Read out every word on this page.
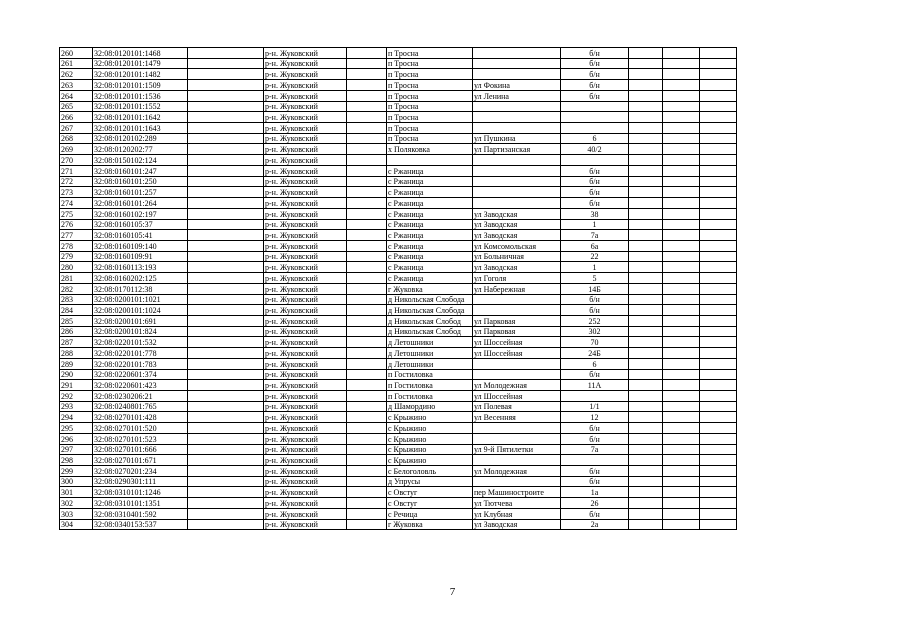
260	32:08:0120101:1468		р-н. Жуковский		п Тросна		б/н			
261	32:08:0120101:1479		р-н. Жуковский		п Тросна		б/н			
262	32:08:0120101:1482		р-н. Жуковский		п Тросна		б/н			
263	32:08:0120101:1509		р-н. Жуковский		п Тросна	ул Фокина	б/н			
264	32:08:0120101:1536		р-н. Жуковский		п Тросна	ул Ленина	б/н			
265	32:08:0120101:1552		р-н. Жуковский		п Тросна					
266	32:08:0120101:1642		р-н. Жуковский		п Тросна					
267	32:08:0120101:1643		р-н. Жуковский		п Тросна					
268	32:08:0120102:289		р-н. Жуковский		п Тросна	ул Пушкина	6			
269	32:08:0120202:77		р-н. Жуковский		х Поляковка	ул Партизанская	40/2			
270	32:08:0150102:124		р-н. Жуковский							
271	32:08:0160101:247		р-н. Жуковский		с Ржаница		б/н			
272	32:08:0160101:250		р-н. Жуковский		с Ржаница		б/н			
273	32:08:0160101:257		р-н. Жуковский		с Ржаница		б/н			
274	32:08:0160101:264		р-н. Жуковский		с Ржаница		б/н			
275	32:08:0160102:197		р-н. Жуковский		с Ржаница	ул Заводская	38			
276	32:08:0160105:37		р-н. Жуковский		с Ржаница	ул Заводская	1			
277	32:08:0160105:41		р-н. Жуковский		с Ржаница	ул Заводская	7а			
278	32:08:0160109:140		р-н. Жуковский		с Ржаница	ул Комсомольская	6а			
279	32:08:0160109:91		р-н. Жуковский		с Ржаница	ул Больничная	22			
280	32:08:0160113:193		р-н. Жуковский		с Ржаница	ул Заводская	1			
281	32:08:0160202:125		р-н. Жуковский		с Ржаница	ул Гоголя	5			
282	32:08:0170112:38		р-н. Жуковский		г Жуковка	ул Набережная	14Б			
283	32:08:0200101:1021		р-н. Жуковский		д Никольская Слобода		б/н			
284	32:08:0200101:1024		р-н. Жуковский		д Никольская Слобода		б/н			
285	32:08:0200101:691		р-н. Жуковский		д Никольская Слобод	ул Парковая	252			
286	32:08:0200101:824		р-н. Жуковский		д Никольская Слобод	ул Парковая	302			
287	32:08:0220101:532		р-н. Жуковский		д Летошники	ул Шоссейная	70			
288	32:08:0220101:778		р-н. Жуковский		д Летошники	ул Шоссейная	24Б			
289	32:08:0220101:783		р-н. Жуковский		д Летошники		6			
290	32:08:0220601:374		р-н. Жуковский		п Гостиловка		б/н			
291	32:08:0220601:423		р-н. Жуковский		п Гостиловка	ул Молодежная	11А			
292	32:08:0230206:21		р-н. Жуковский		п Гостиловка	ул Шоссейная				
293	32:08:0240801:765		р-н. Жуковский		д Шамордино	ул Полевая	1/1			
294	32:08:0270101:428		р-н. Жуковский		с Крыжино	ул Весенняя	12			
295	32:08:0270101:520		р-н. Жуковский		с Крыжино		б/н			
296	32:08:0270101:523		р-н. Жуковский		с Крыжино		б/н			
297	32:08:0270101:666		р-н. Жуковский		с Крыжино	ул 9-й Пятилетки	7а			
298	32:08:0270101:671		р-н. Жуковский		с Крыжино					
299	32:08:0270201:234		р-н. Жуковский		с Белоголовль	ул Молодежная	б/н			
300	32:08:0290301:111		р-н. Жуковский		д Упрусы		б/н			
301	32:08:0310101:1246		р-н. Жуковский		с Овстуг	пер Машиностроите	1а			
302	32:08:0310101:1351		р-н. Жуковский		с Овстуг	ул Тютчева	26			
303	32:08:0310401:592		р-н. Жуковский		с Речица	ул Клубная	б/н			
304	32:08:0340153:537		р-н. Жуковский		г Жуковка	ул Заводская	2а			
7
